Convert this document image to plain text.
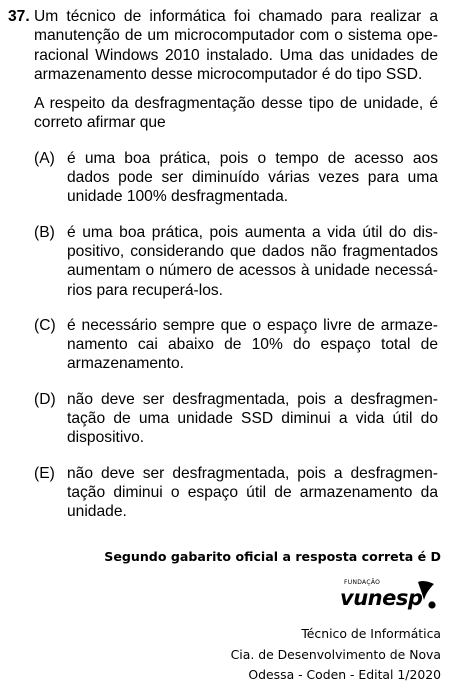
37. Um técnico de informática foi chamado para realizar a manutenção de um microcomputador com o sistema ope-racional Windows 2010 instalado. Uma das unidades de armazenamento desse microcomputador é do tipo SSD.
A respeito da desfragmentação desse tipo de unidade, é correto afirmar que
(A) é uma boa prática, pois o tempo de acesso aos dados pode ser diminuído várias vezes para uma unidade 100% desfragmentada.
(B) é uma boa prática, pois aumenta a vida útil do dis-positivo, considerando que dados não fragmentados aumentam o número de acessos à unidade necessá-rios para recuperá-los.
(C) é necessário sempre que o espaço livre de armaze-namento cai abaixo de 10% do espaço total de armazenamento.
(D) não deve ser desfragmentada, pois a desfragmen-tação de uma unidade SSD diminui a vida útil do dispositivo.
(E) não deve ser desfragmentada, pois a desfragmen-tação diminui o espaço útil de armazenamento da unidade.
Segundo gabarito oficial a resposta correta é D
FUNDAÇÃO
vunesp
Técnico de Informática
Cia. de Desenvolvimento de Nova
Odessa - Coden - Edital 1/2020
